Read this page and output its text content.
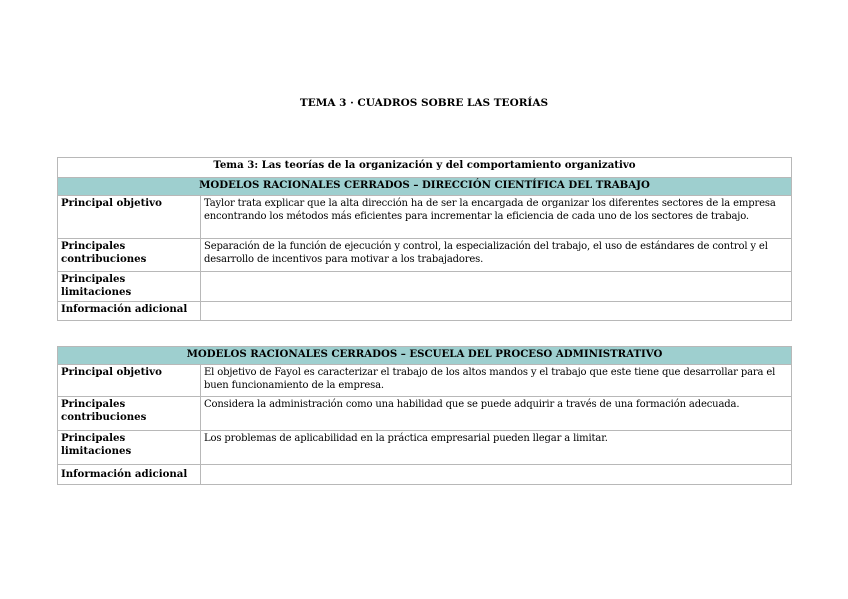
TEMA 3 · CUADROS SOBRE LAS TEORÍAS
Tema 3: Las teorías de la organización y del comportamiento organizativo	
MODELOS RACIONALES CERRADOS – DIRECCIÓN CIENTÍFICA DEL TRABAJO	
Principal objetivo	Taylor trata explicar que la alta dirección ha de ser la encargada de organizar los diferentes sectores de la empresa encontrando los métodos más eficientes para incrementar la eficiencia de cada uno de los sectores de trabajo.
Principales contribuciones	Separación de la función de ejecución y control, la especialización del trabajo, el uso de estándares de control y el desarrollo de incentivos para motivar a los trabajadores.
Principales limitaciones	
Información adicional	
MODELOS RACIONALES CERRADOS – ESCUELA DEL PROCESO ADMINISTRATIVO	
Principal objetivo	El objetivo de Fayol es caracterizar el trabajo de los altos mandos y el trabajo que este tiene que desarrollar para el buen funcionamiento de la empresa.
Principales contribuciones	Considera la administración como una habilidad que se puede adquirir a través de una formación adecuada.
Principales limitaciones	Los problemas de aplicabilidad en la práctica empresarial pueden llegar a limitar.
Información adicional	
